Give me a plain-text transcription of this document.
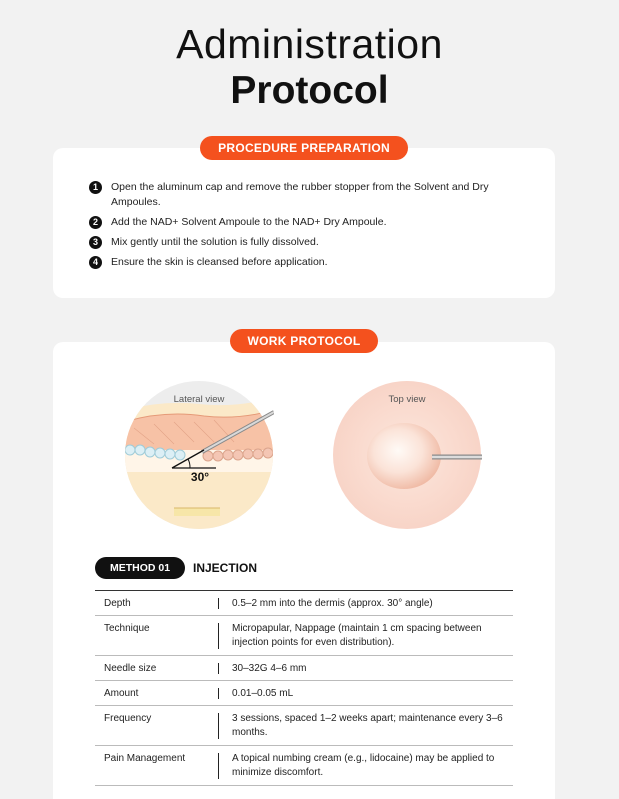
Administration
Protocol
PROCEDURE PREPARATION
1	Open the aluminum cap and remove the rubber stopper from the Solvent and Dry Ampoules.
2	Add the NAD+ Solvent Ampoule to the NAD+ Dry Ampoule.
3	Mix gently until the solution is fully dissolved.
4	Ensure the skin is cleansed before application.
WORK PROTOCOL
Lateral view
30°
Top view
METHOD 01	INJECTION
Depth	0.5–2 mm into the dermis (approx. 30° angle)
Technique	Micropapular, Nappage (maintain 1 cm spacing between injection points for even distribution).
Needle size	30–32G 4–6 mm
Amount	0.01–0.05 mL
Frequency	3 sessions, spaced 1–2 weeks apart; maintenance every 3–6 months.
Pain Management	A topical numbing cream (e.g., lidocaine) may be applied to minimize discomfort.
